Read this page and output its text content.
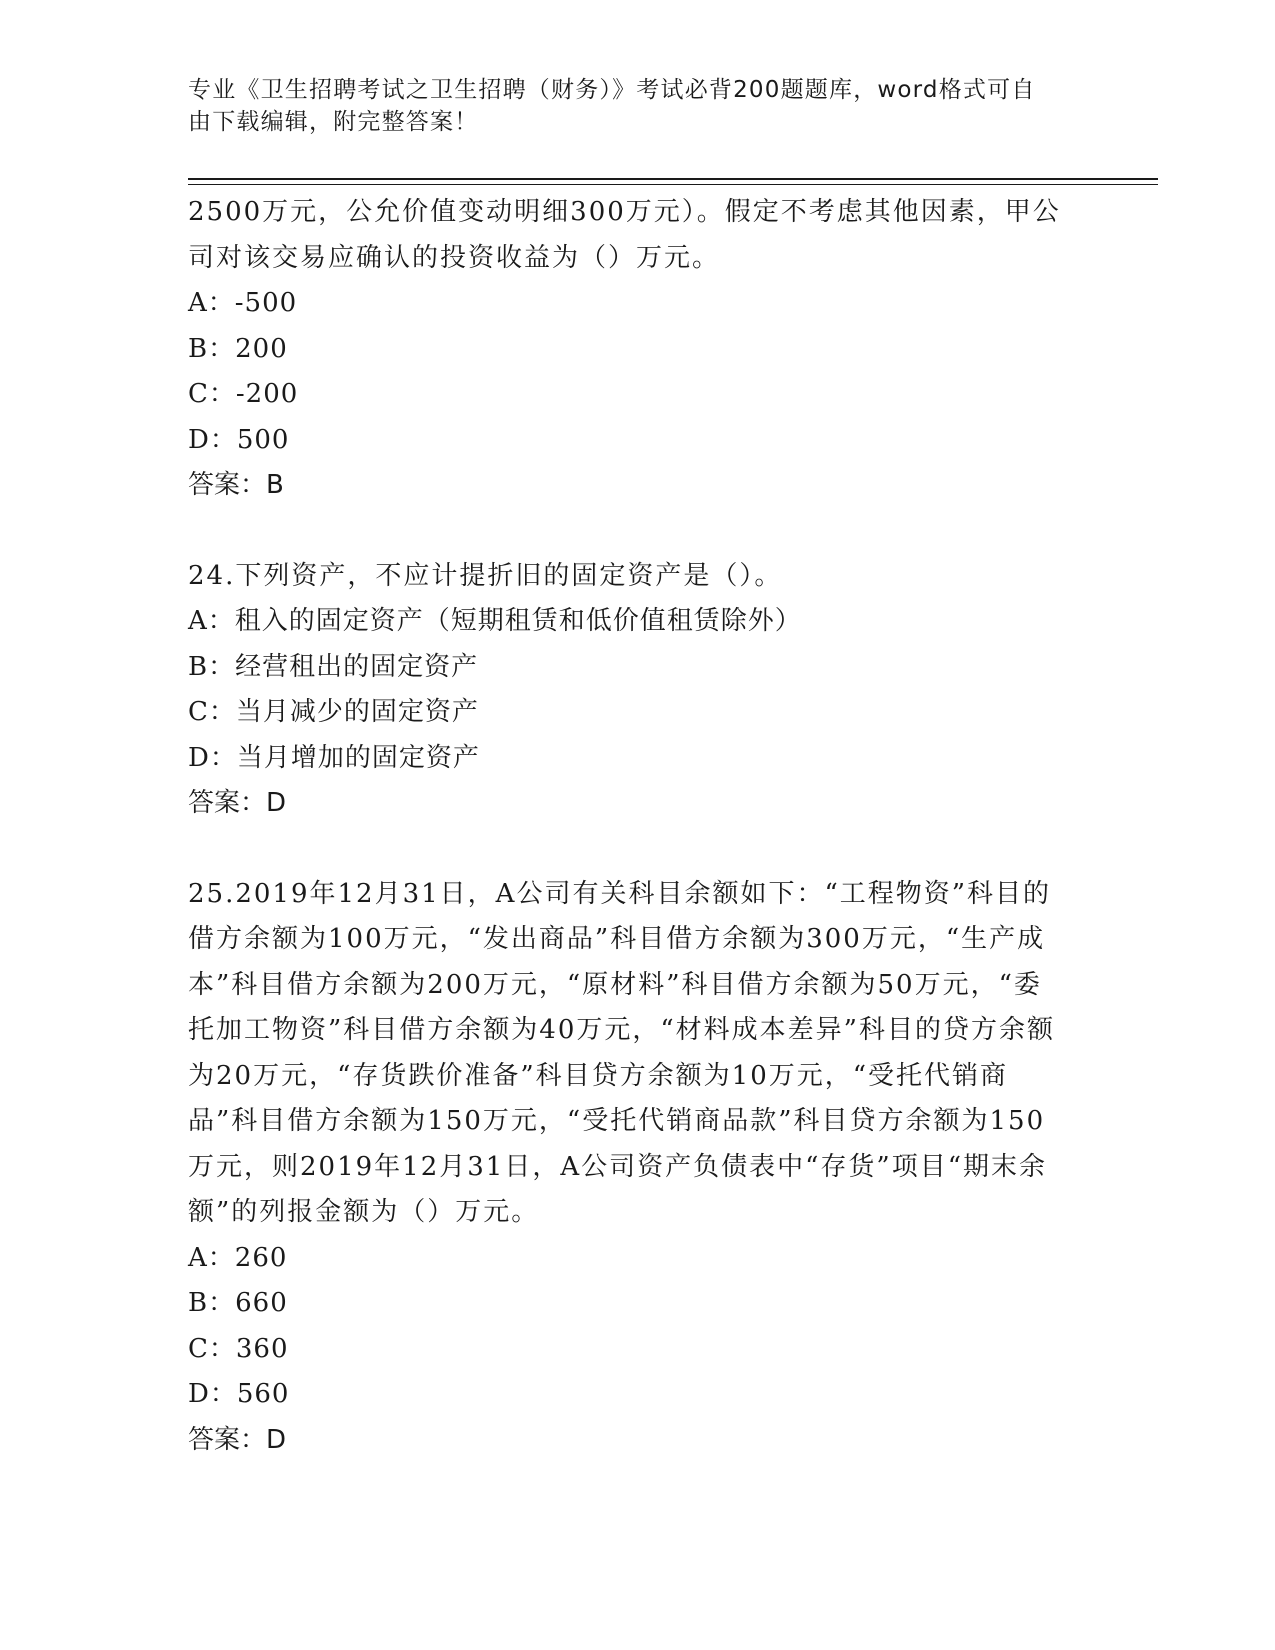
专业《卫生招聘考试之卫生招聘（财务）》考试必背200题题库，word格式可自
由下载编辑，附完整答案！

2500万元，公允价值变动明细300万元）。假定不考虑其他因素，甲公司对该交易应确认的投资收益为（）万元。

A：-500

B：200

C：-200

D：500

答案：B

24.下列资产，不应计提折旧的固定资产是（）。

A：租入的固定资产（短期租赁和低价值租赁除外）

B：经营租出的固定资产

C：当月减少的固定资产

D：当月增加的固定资产

答案：D

25.2019年12月31日，A公司有关科目余额如下：“工程物资”科目的借方余额为100万元，“发出商品”科目借方余额为300万元，“生产成本”科目借方余额为200万元，“原材料”科目借方余额为50万元，“委托加工物资”科目借方余额为40万元，“材料成本差异”科目的贷方余额为20万元，“存货跌价准备”科目贷方余额为10万元，“受托代销商品”科目借方余额为150万元，“受托代销商品款”科目贷方余额为150万元，则2019年12月31日，A公司资产负债表中“存货”项目“期末余额”的列报金额为（）万元。

A：260

B：660

C：360

D：560

答案：D
